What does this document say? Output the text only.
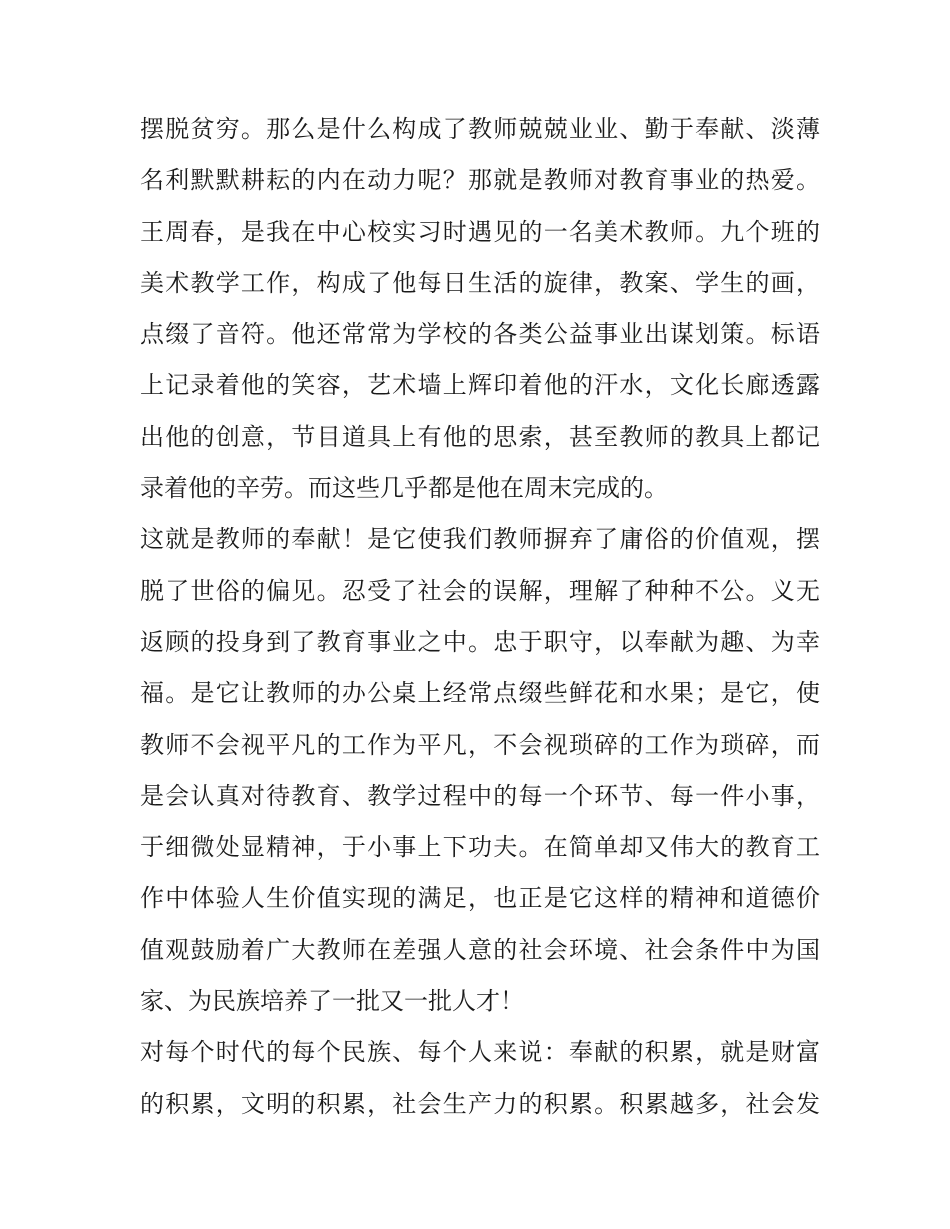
摆脱贫穷。那么是什么构成了教师兢兢业业、勤于奉献、淡薄
名利默默耕耘的内在动力呢？那就是教师对教育事业的热爱。
王周春，是我在中心校实习时遇见的一名美术教师。九个班的
美术教学工作，构成了他每日生活的旋律，教案、学生的画，
点缀了音符。他还常常为学校的各类公益事业出谋划策。标语
上记录着他的笑容，艺术墙上辉印着他的汗水，文化长廊透露
出他的创意，节目道具上有他的思索，甚至教师的教具上都记
录着他的辛劳。而这些几乎都是他在周末完成的。
这就是教师的奉献！是它使我们教师摒弃了庸俗的价值观，摆
脱了世俗的偏见。忍受了社会的误解，理解了种种不公。义无
返顾的投身到了教育事业之中。忠于职守，以奉献为趣、为幸
福。是它让教师的办公桌上经常点缀些鲜花和水果；是它，使
教师不会视平凡的工作为平凡，不会视琐碎的工作为琐碎，而
是会认真对待教育、教学过程中的每一个环节、每一件小事，
于细微处显精神，于小事上下功夫。在简单却又伟大的教育工
作中体验人生价值实现的满足，也正是它这样的精神和道德价
值观鼓励着广大教师在差强人意的社会环境、社会条件中为国
家、为民族培养了一批又一批人才！
对每个时代的每个民族、每个人来说：奉献的积累，就是财富
的积累，文明的积累，社会生产力的积累。积累越多，社会发
